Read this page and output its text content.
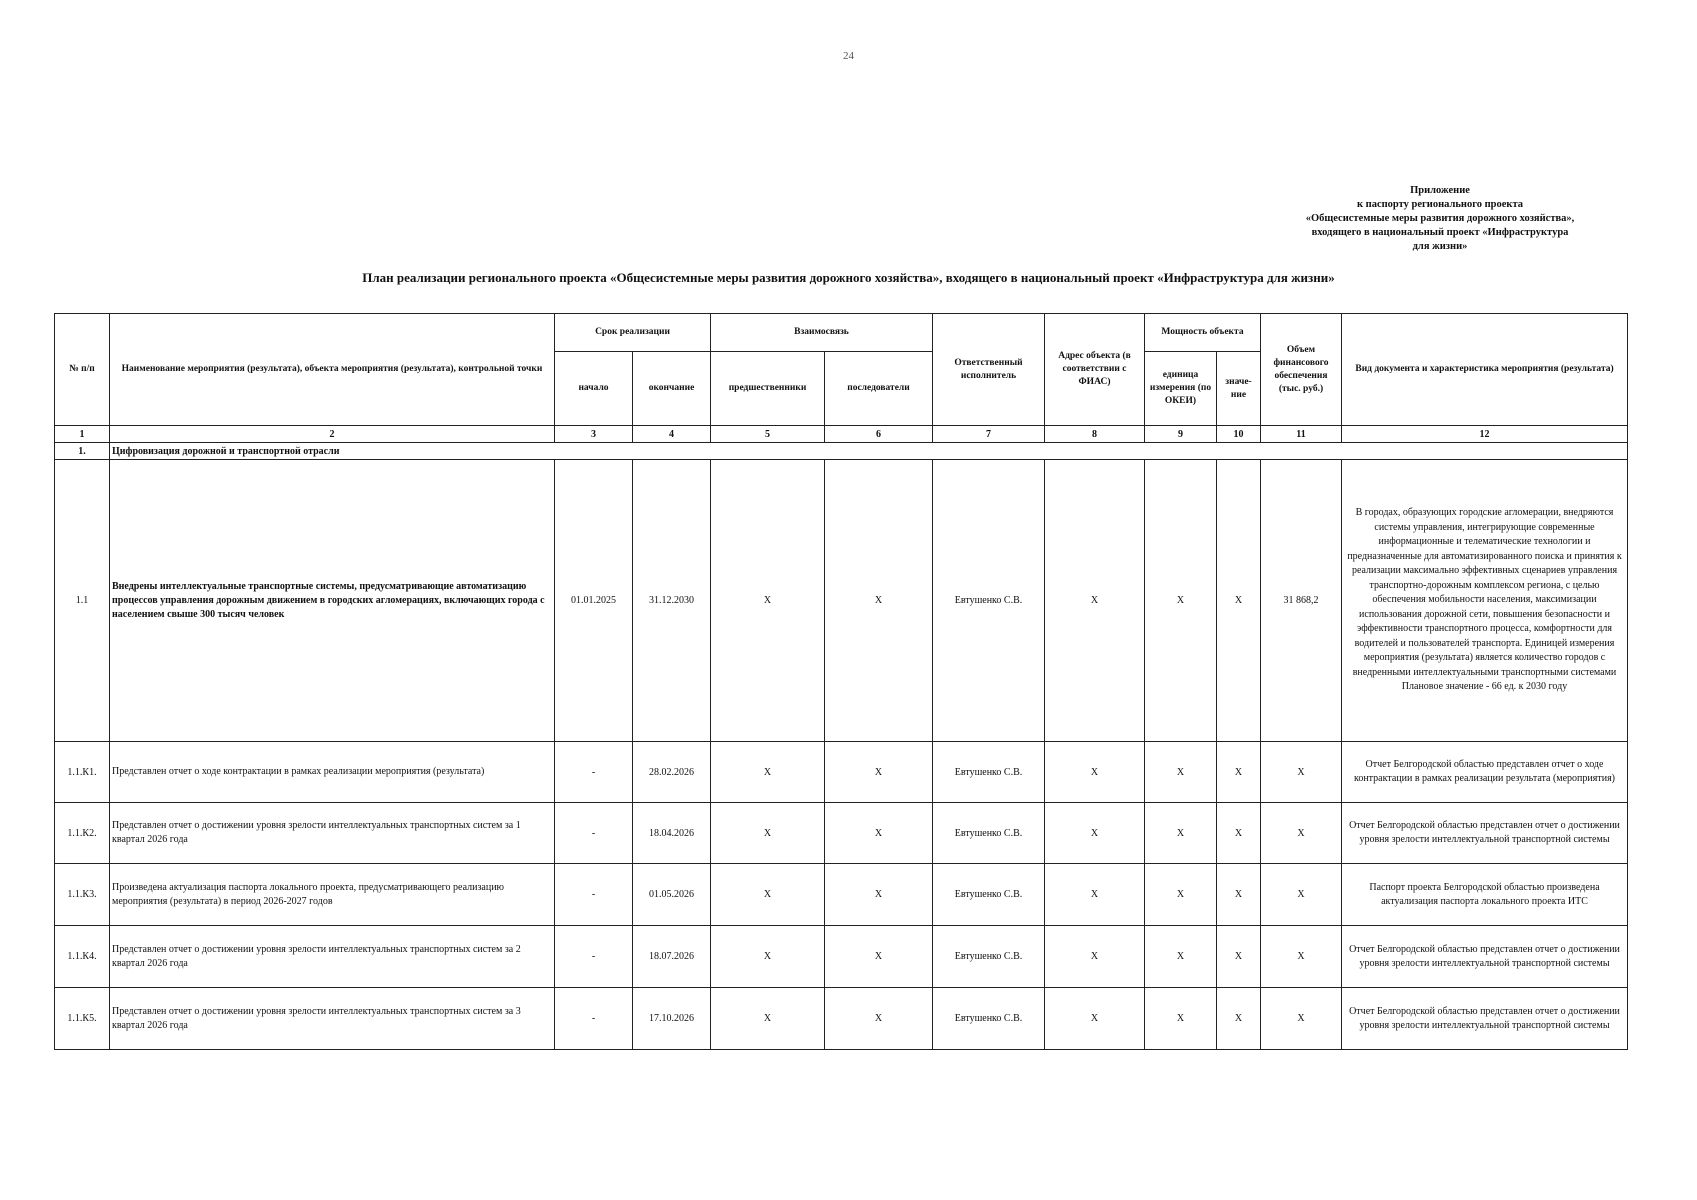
24
Приложение
к паспорту регионального проекта
«Общесистемные меры развития дорожного хозяйства»,
входящего в национальный проект «Инфраструктура
для жизни»
План реализации регионального проекта «Общесистемные меры развития дорожного хозяйства», входящего в национальный проект «Инфраструктура для жизни»
№ п/п	Наименование мероприятия (результата), объекта мероприятия (результата), контрольной точки	Срок реализации		Взаимосвязь		Ответственный исполнитель	Адрес объекта (в соответствии с ФИАС)	Мощность объекта		Объем финансового обеспечения (тыс. руб.)	Вид документа и характеристика мероприятия (результата)
		начало	окончание	предшественники	последователи			единица измерения (по ОКЕИ)	значе-ние		
1	2	3	4	5	6	7	8	9	10	11	12
1.	Цифровизация дорожной и транспортной отрасли										
1.1	Внедрены интеллектуальные транспортные системы, предусматривающие автоматизацию процессов управления дорожным движением в городских агломерациях, включающих города с населением свыше 300 тысяч человек	01.01.2025	31.12.2030	X	X	Евтушенко С.В.	X	X	X	31 868,2	В городах, образующих городские агломерации, внедряются системы управления, интегрирующие современные информационные и телематические технологии и предназначенные для автоматизированного поиска и принятия к реализации максимально эффективных сценариев управления транспортно-дорожным комплексом региона, с целью обеспечения мобильности населения, максимизации использования дорожной сети, повышения безопасности и эффективности транспортного процесса, комфортности для водителей и пользователей транспорта. Единицей измерения мероприятия (результата) является количество городов с внедренными интеллектуальными транспортными системами Плановое значение - 66 ед. к 2030 году
1.1.К1.	Представлен отчет о ходе контрактации в рамках реализации мероприятия (результата)	-	28.02.2026	X	X	Евтушенко С.В.	X	X	X	X	Отчет Белгородской областью представлен отчет о ходе контрактации в рамках реализации результата (мероприятия)
1.1.К2.	Представлен отчет о достижении уровня зрелости интеллектуальных транспортных систем за 1 квартал 2026 года	-	18.04.2026	X	X	Евтушенко С.В.	X	X	X	X	Отчет Белгородской областью представлен отчет о достижении уровня зрелости интеллектуальной транспортной системы
1.1.К3.	Произведена актуализация паспорта локального проекта, предусматривающего реализацию мероприятия (результата) в период 2026-2027 годов	-	01.05.2026	X	X	Евтушенко С.В.	X	X	X	X	Паспорт проекта Белгородской областью произведена актуализация паспорта локального проекта ИТС
1.1.К4.	Представлен отчет о достижении уровня зрелости интеллектуальных транспортных систем за 2 квартал 2026 года	-	18.07.2026	X	X	Евтушенко С.В.	X	X	X	X	Отчет Белгородской областью представлен отчет о достижении уровня зрелости интеллектуальной транспортной системы
1.1.К5.	Представлен отчет о достижении уровня зрелости интеллектуальных транспортных систем за 3 квартал 2026 года	-	17.10.2026	X	X	Евтушенко С.В.	X	X	X	X	Отчет Белгородской областью представлен отчет о достижении уровня зрелости интеллектуальной транспортной системы
